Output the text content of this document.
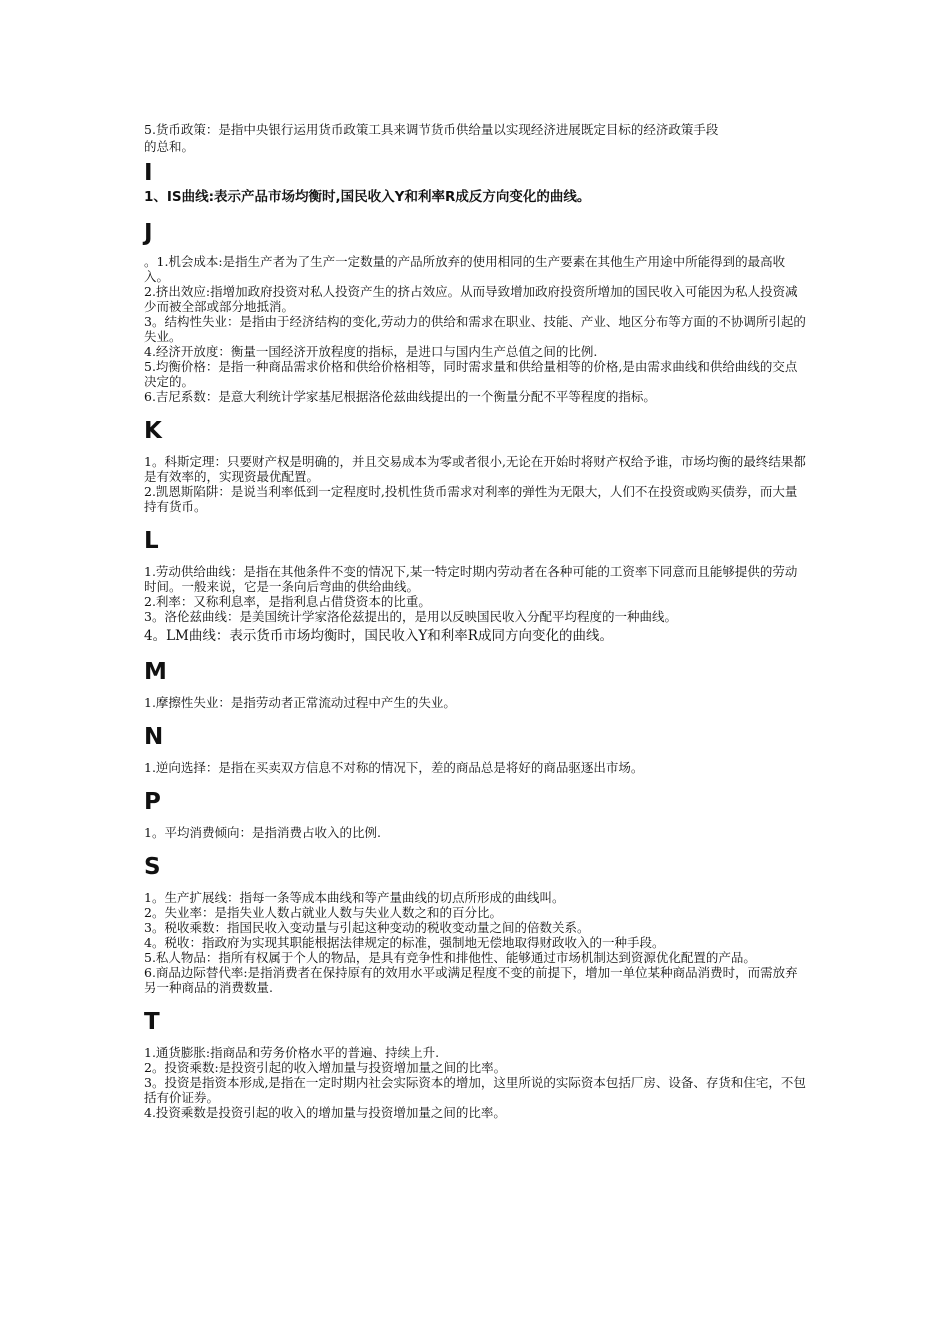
5.货币政策：是指中央银行运用货币政策工具来调节货币供给量以实现经济进展既定目标的经济政策手段

的总和。

I

1、IS曲线:表示产品市场均衡时,国民收入Y和利率R成反方向变化的曲线。

J

。1.机会成本:是指生产者为了生产一定数量的产品所放弃的使用相同的生产要素在其他生产用途中所能得到的最高收入。

2.挤出效应:指增加政府投资对私人投资产生的挤占效应。从而导致增加政府投资所增加的国民收入可能因为私人投资减少而被全部或部分地抵消。

3。结构性失业：是指由于经济结构的变化,劳动力的供给和需求在职业、技能、产业、地区分布等方面的不协调所引起的失业。

4.经济开放度：衡量一国经济开放程度的指标，是进口与国内生产总值之间的比例.

5.均衡价格：是指一种商品需求价格和供给价格相等，同时需求量和供给量相等的价格,是由需求曲线和供给曲线的交点决定的。

6.吉尼系数：是意大利统计学家基尼根据洛伦兹曲线提出的一个衡量分配不平等程度的指标。

K

1。科斯定理：只要财产权是明确的，并且交易成本为零或者很小,无论在开始时将财产权给予谁，市场均衡的最终结果都是有效率的，实现资最优配置。

2.凯恩斯陷阱：是说当利率低到一定程度时,投机性货币需求对利率的弹性为无限大，人们不在投资或购买债券，而大量持有货币。

L

1.劳动供给曲线：是指在其他条件不变的情况下,某一特定时期内劳动者在各种可能的工资率下同意而且能够提供的劳动时间。一般来说，它是一条向后弯曲的供给曲线。

2.利率：又称利息率，是指利息占借贷资本的比重。

3。洛伦兹曲线：是美国统计学家洛伦兹提出的，是用以反映国民收入分配平均程度的一种曲线。

4。LM曲线：表示货币市场均衡时，国民收入Y和利率R成同方向变化的曲线。

M

1.摩擦性失业：是指劳动者正常流动过程中产生的失业。

N

1.逆向选择：是指在买卖双方信息不对称的情况下，差的商品总是将好的商品驱逐出市场。

P

1。平均消费倾向：是指消费占收入的比例.

S

1。生产扩展线：指每一条等成本曲线和等产量曲线的切点所形成的曲线叫。

2。失业率：是指失业人数占就业人数与失业人数之和的百分比。

3。税收乘数：指国民收入变动量与引起这种变动的税收变动量之间的倍数关系。

4。税收：指政府为实现其职能根据法律规定的标准，强制地无偿地取得财政收入的一种手段。

5.私人物品：指所有权属于个人的物品，是具有竞争性和排他性、能够通过市场机制达到资源优化配置的产品。

6.商品边际替代率:是指消费者在保持原有的效用水平或满足程度不变的前提下，增加一单位某种商品消费时，而需放弃另一种商品的消费数量.

T

1.通货膨胀:指商品和劳务价格水平的普遍、持续上升.

2。投资乘数:是投资引起的收入增加量与投资增加量之间的比率。

3。投资是指资本形成,是指在一定时期内社会实际资本的增加，这里所说的实际资本包括厂房、设备、存货和住宅，不包括有价证券。

4.投资乘数是投资引起的收入的增加量与投资增加量之间的比率。
